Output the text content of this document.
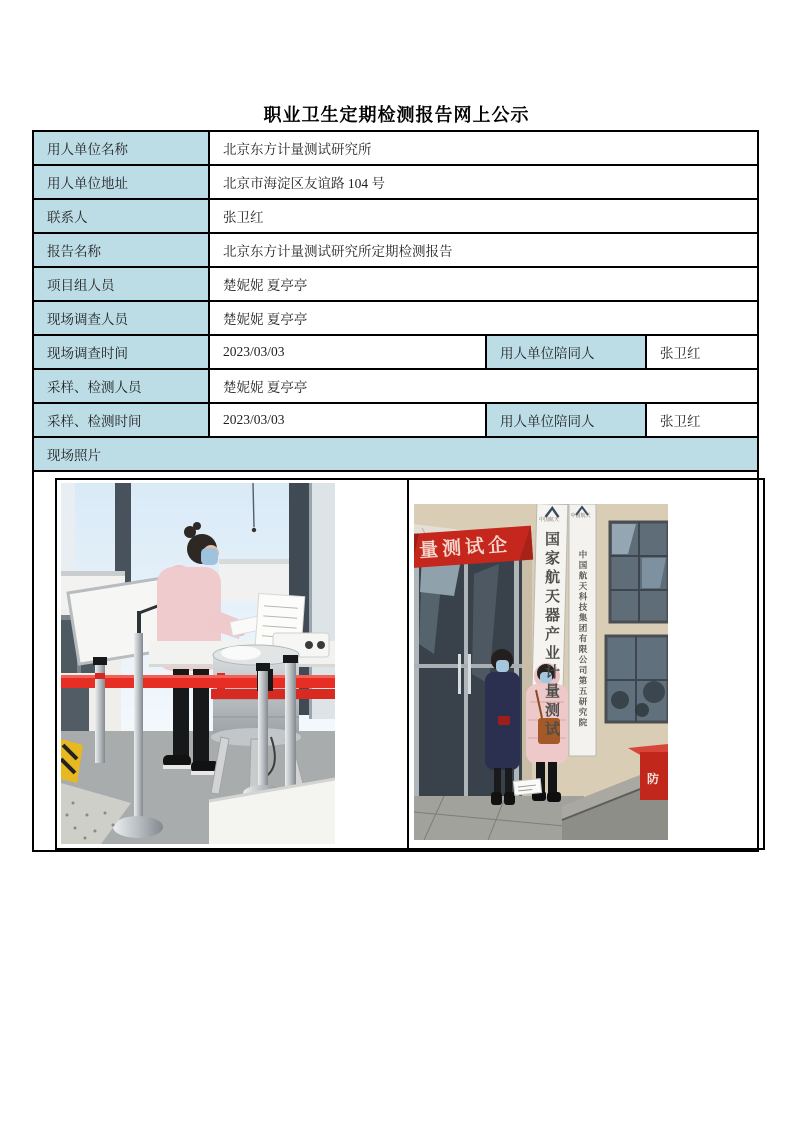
职业卫生定期检测报告网上公示
用人单位名称	北京东方计量测试研究所		
用人单位地址	北京市海淀区友谊路 104 号		
联系人	张卫红		
报告名称	北京东方计量测试研究所定期检测报告		
项目组人员	楚妮妮 夏亭亭		
现场调查人员	楚妮妮 夏亭亭		
现场调查时间	2023/03/03	用人单位陪同人	张卫红
采样、检测人员	楚妮妮 夏亭亭		
采样、检测时间	2023/03/03	用人单位陪同人	张卫红
现场照片			

量测试企
中国航天
中国航天
国家航天器产业计量测试	中国航天科技集团有限公司第五研究院
防
